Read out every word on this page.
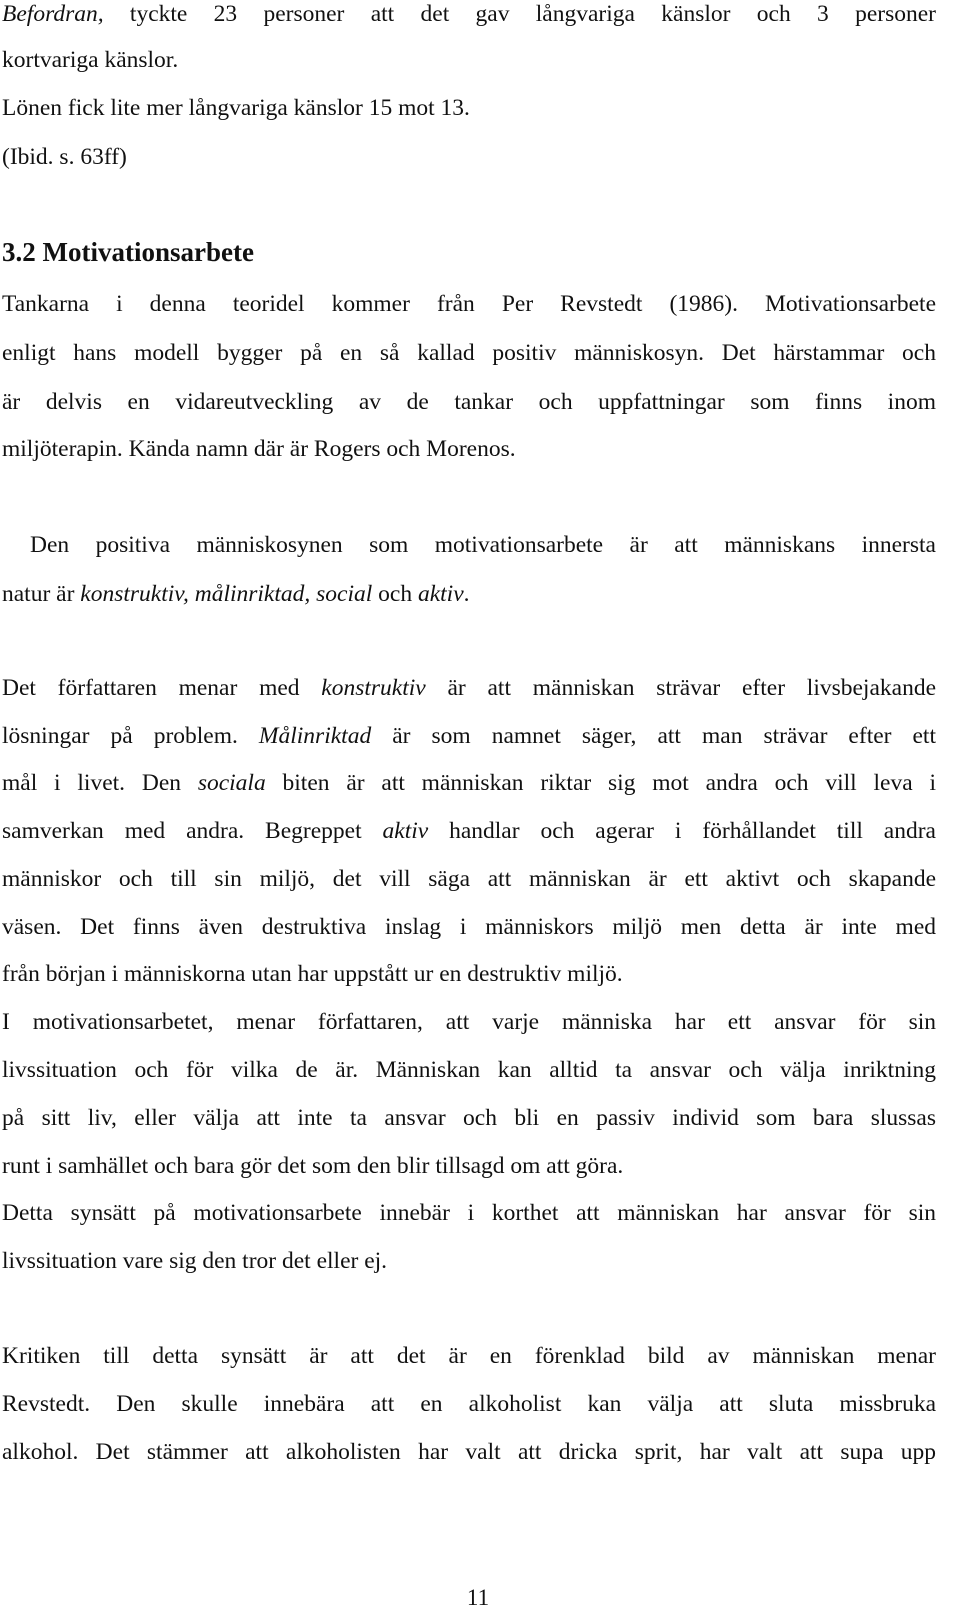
Befordran, tyckte 23 personer att det gav långvariga känslor och 3 personer
kortvariga känslor.
Lönen fick lite mer långvariga känslor 15 mot 13.
(Ibid. s. 63ff)
3.2 Motivationsarbete
Tankarna i denna teoridel kommer från Per Revstedt (1986). Motivationsarbete
enligt hans modell bygger på en så kallad positiv människosyn. Det härstammar och
är delvis en vidareutveckling av de tankar och uppfattningar som finns inom
miljöterapin. Kända namn där är Rogers och Morenos.
Den positiva människosynen som motivationsarbete är att människans innersta
natur är konstruktiv, målinriktad, social och aktiv.
Det författaren menar med konstruktiv är att människan strävar efter livsbejakande
lösningar på problem. Målinriktad är som namnet säger, att man strävar efter ett
mål i livet. Den sociala biten är att människan riktar sig mot andra och vill leva i
samverkan med andra. Begreppet aktiv handlar och agerar i förhållandet till andra
människor och till sin miljö, det vill säga att människan är ett aktivt och skapande
väsen. Det finns även destruktiva inslag i människors miljö men detta är inte med
från början i människorna utan har uppstått ur en destruktiv miljö.
I motivationsarbetet, menar författaren, att varje människa har ett ansvar för sin
livssituation och för vilka de är. Människan kan alltid ta ansvar och välja inriktning
på sitt liv, eller välja att inte ta ansvar och bli en passiv individ som bara slussas
runt i samhället och bara gör det som den blir tillsagd om att göra.
Detta synsätt på motivationsarbete innebär i korthet att människan har ansvar för sin
livssituation vare sig den tror det eller ej.
Kritiken till detta synsätt är att det är en förenklad bild av människan menar
Revstedt. Den skulle innebära att en alkoholist kan välja att sluta missbruka
alkohol. Det stämmer att alkoholisten har valt att dricka sprit, har valt att supa upp
11
